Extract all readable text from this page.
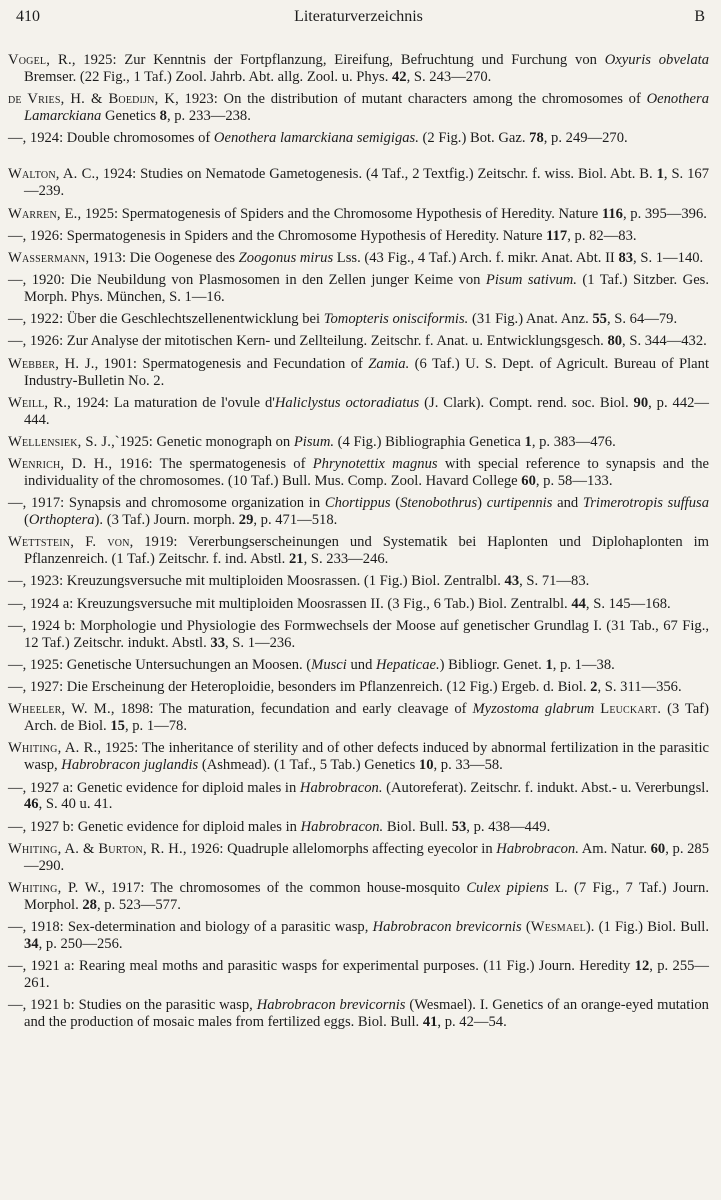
410	Literaturverzeichnis	B

Vogel, R., 1925: Zur Kenntnis der Fortpflanzung, Eireifung, Befruchtung und Furchung von Oxyuris obvelata Bremser. (22 Fig., 1 Taf.) Zool. Jahrb. Abt. allg. Zool. u. Phys. 42, S. 243—270.

de Vries, H. & Boedijn, K, 1923: On the distribution of mutant characters among the chromosomes of Oenothera Lamarckiana Genetics 8, p. 233—238.

—, 1924: Double chromosomes of Oenothera lamarckiana semigigas. (2 Fig.) Bot. Gaz. 78, p. 249—270.

Walton, A. C., 1924: Studies on Nematode Gametogenesis. (4 Taf., 2 Textfig.) Zeitschr. f. wiss. Biol. Abt. B. 1, S. 167—239.

Warren, E., 1925: Spermatogenesis of Spiders and the Chromosome Hypothesis of Heredity. Nature 116, p. 395—396.

—, 1926: Spermatogenesis in Spiders and the Chromosome Hypothesis of Heredity. Nature 117, p. 82—83.

Wassermann, 1913: Die Oogenese des Zoogonus mirus Lss. (43 Fig., 4 Taf.) Arch. f. mikr. Anat. Abt. II 83, S. 1—140.

—, 1920: Die Neubildung von Plasmosomen in den Zellen junger Keime von Pisum sativum. (1 Taf.) Sitzber. Ges. Morph. Phys. München, S. 1—16.

—, 1922: Über die Geschlechtszellenentwicklung bei Tomopteris onisciformis. (31 Fig.) Anat. Anz. 55, S. 64—79.

—, 1926: Zur Analyse der mitotischen Kern- und Zellteilung. Zeitschr. f. Anat. u. Entwicklungsgesch. 80, S. 344—432.

Webber, H. J., 1901: Spermatogenesis and Fecundation of Zamia. (6 Taf.) U. S. Dept. of Agricult. Bureau of Plant Industry-Bulletin No. 2.

Weill, R., 1924: La maturation de l'ovule d'Haliclystus octoradiatus (J. Clark). Compt. rend. soc. Biol. 90, p. 442—444.

Wellensiek, S. J.,`1925: Genetic monograph on Pisum. (4 Fig.) Bibliographia Genetica 1, p. 383—476.

Wenrich, D. H., 1916: The spermatogenesis of Phrynotettix magnus with special reference to synapsis and the individuality of the chromosomes. (10 Taf.) Bull. Mus. Comp. Zool. Havard College 60, p. 58—133.

—, 1917: Synapsis and chromosome organization in Chortippus (Stenobothrus) curtipennis and Trimerotropis suffusa (Orthoptera). (3 Taf.) Journ. morph. 29, p. 471—518.

Wettstein, F. von, 1919: Vererbungserscheinungen und Systematik bei Haplonten und Diplohaplonten im Pflanzenreich. (1 Taf.) Zeitschr. f. ind. Abstl. 21, S. 233—246.

—, 1923: Kreuzungsversuche mit multiploiden Moosrassen. (1 Fig.) Biol. Zentralbl. 43, S. 71—83.

—, 1924 a: Kreuzungsversuche mit multiploiden Moosrassen II. (3 Fig., 6 Tab.) Biol. Zentralbl. 44, S. 145—168.

—, 1924 b: Morphologie und Physiologie des Formwechsels der Moose auf genetischer Grundlag I. (31 Tab., 67 Fig., 12 Taf.) Zeitschr. indukt. Abstl. 33, S. 1—236.

—, 1925: Genetische Untersuchungen an Moosen. (Musci und Hepaticae.) Bibliogr. Genet. 1, p. 1—38.

—, 1927: Die Erscheinung der Heteroploidie, besonders im Pflanzenreich. (12 Fig.) Ergeb. d. Biol. 2, S. 311—356.

Wheeler, W. M., 1898: The maturation, fecundation and early cleavage of Myzostoma glabrum Leuckart. (3 Taf) Arch. de Biol. 15, p. 1—78.

Whiting, A. R., 1925: The inheritance of sterility and of other defects induced by abnormal fertilization in the parasitic wasp, Habrobracon juglandis (Ashmead). (1 Taf., 5 Tab.) Genetics 10, p. 33—58.

—, 1927 a: Genetic evidence for diploid males in Habrobracon. (Autoreferat). Zeitschr. f. indukt. Abst.- u. Vererbungsl. 46, S. 40 u. 41.

—, 1927 b: Genetic evidence for diploid males in Habrobracon. Biol. Bull. 53, p. 438—449.

Whiting, A. & Burton, R. H., 1926: Quadruple allelomorphs affecting eyecolor in Habrobracon. Am. Natur. 60, p. 285—290.

Whiting, P. W., 1917: The chromosomes of the common house-mosquito Culex pipiens L. (7 Fig., 7 Taf.) Journ. Morphol. 28, p. 523—577.

—, 1918: Sex-determination and biology of a parasitic wasp, Habrobracon brevicornis (Wesmael). (1 Fig.) Biol. Bull. 34, p. 250—256.

—, 1921 a: Rearing meal moths and parasitic wasps for experimental purposes. (11 Fig.) Journ. Heredity 12, p. 255—261.

—, 1921 b: Studies on the parasitic wasp, Habrobracon brevicornis (Wesmael). I. Genetics of an orange-eyed mutation and the production of mosaic males from fertilized eggs. Biol. Bull. 41, p. 42—54.
